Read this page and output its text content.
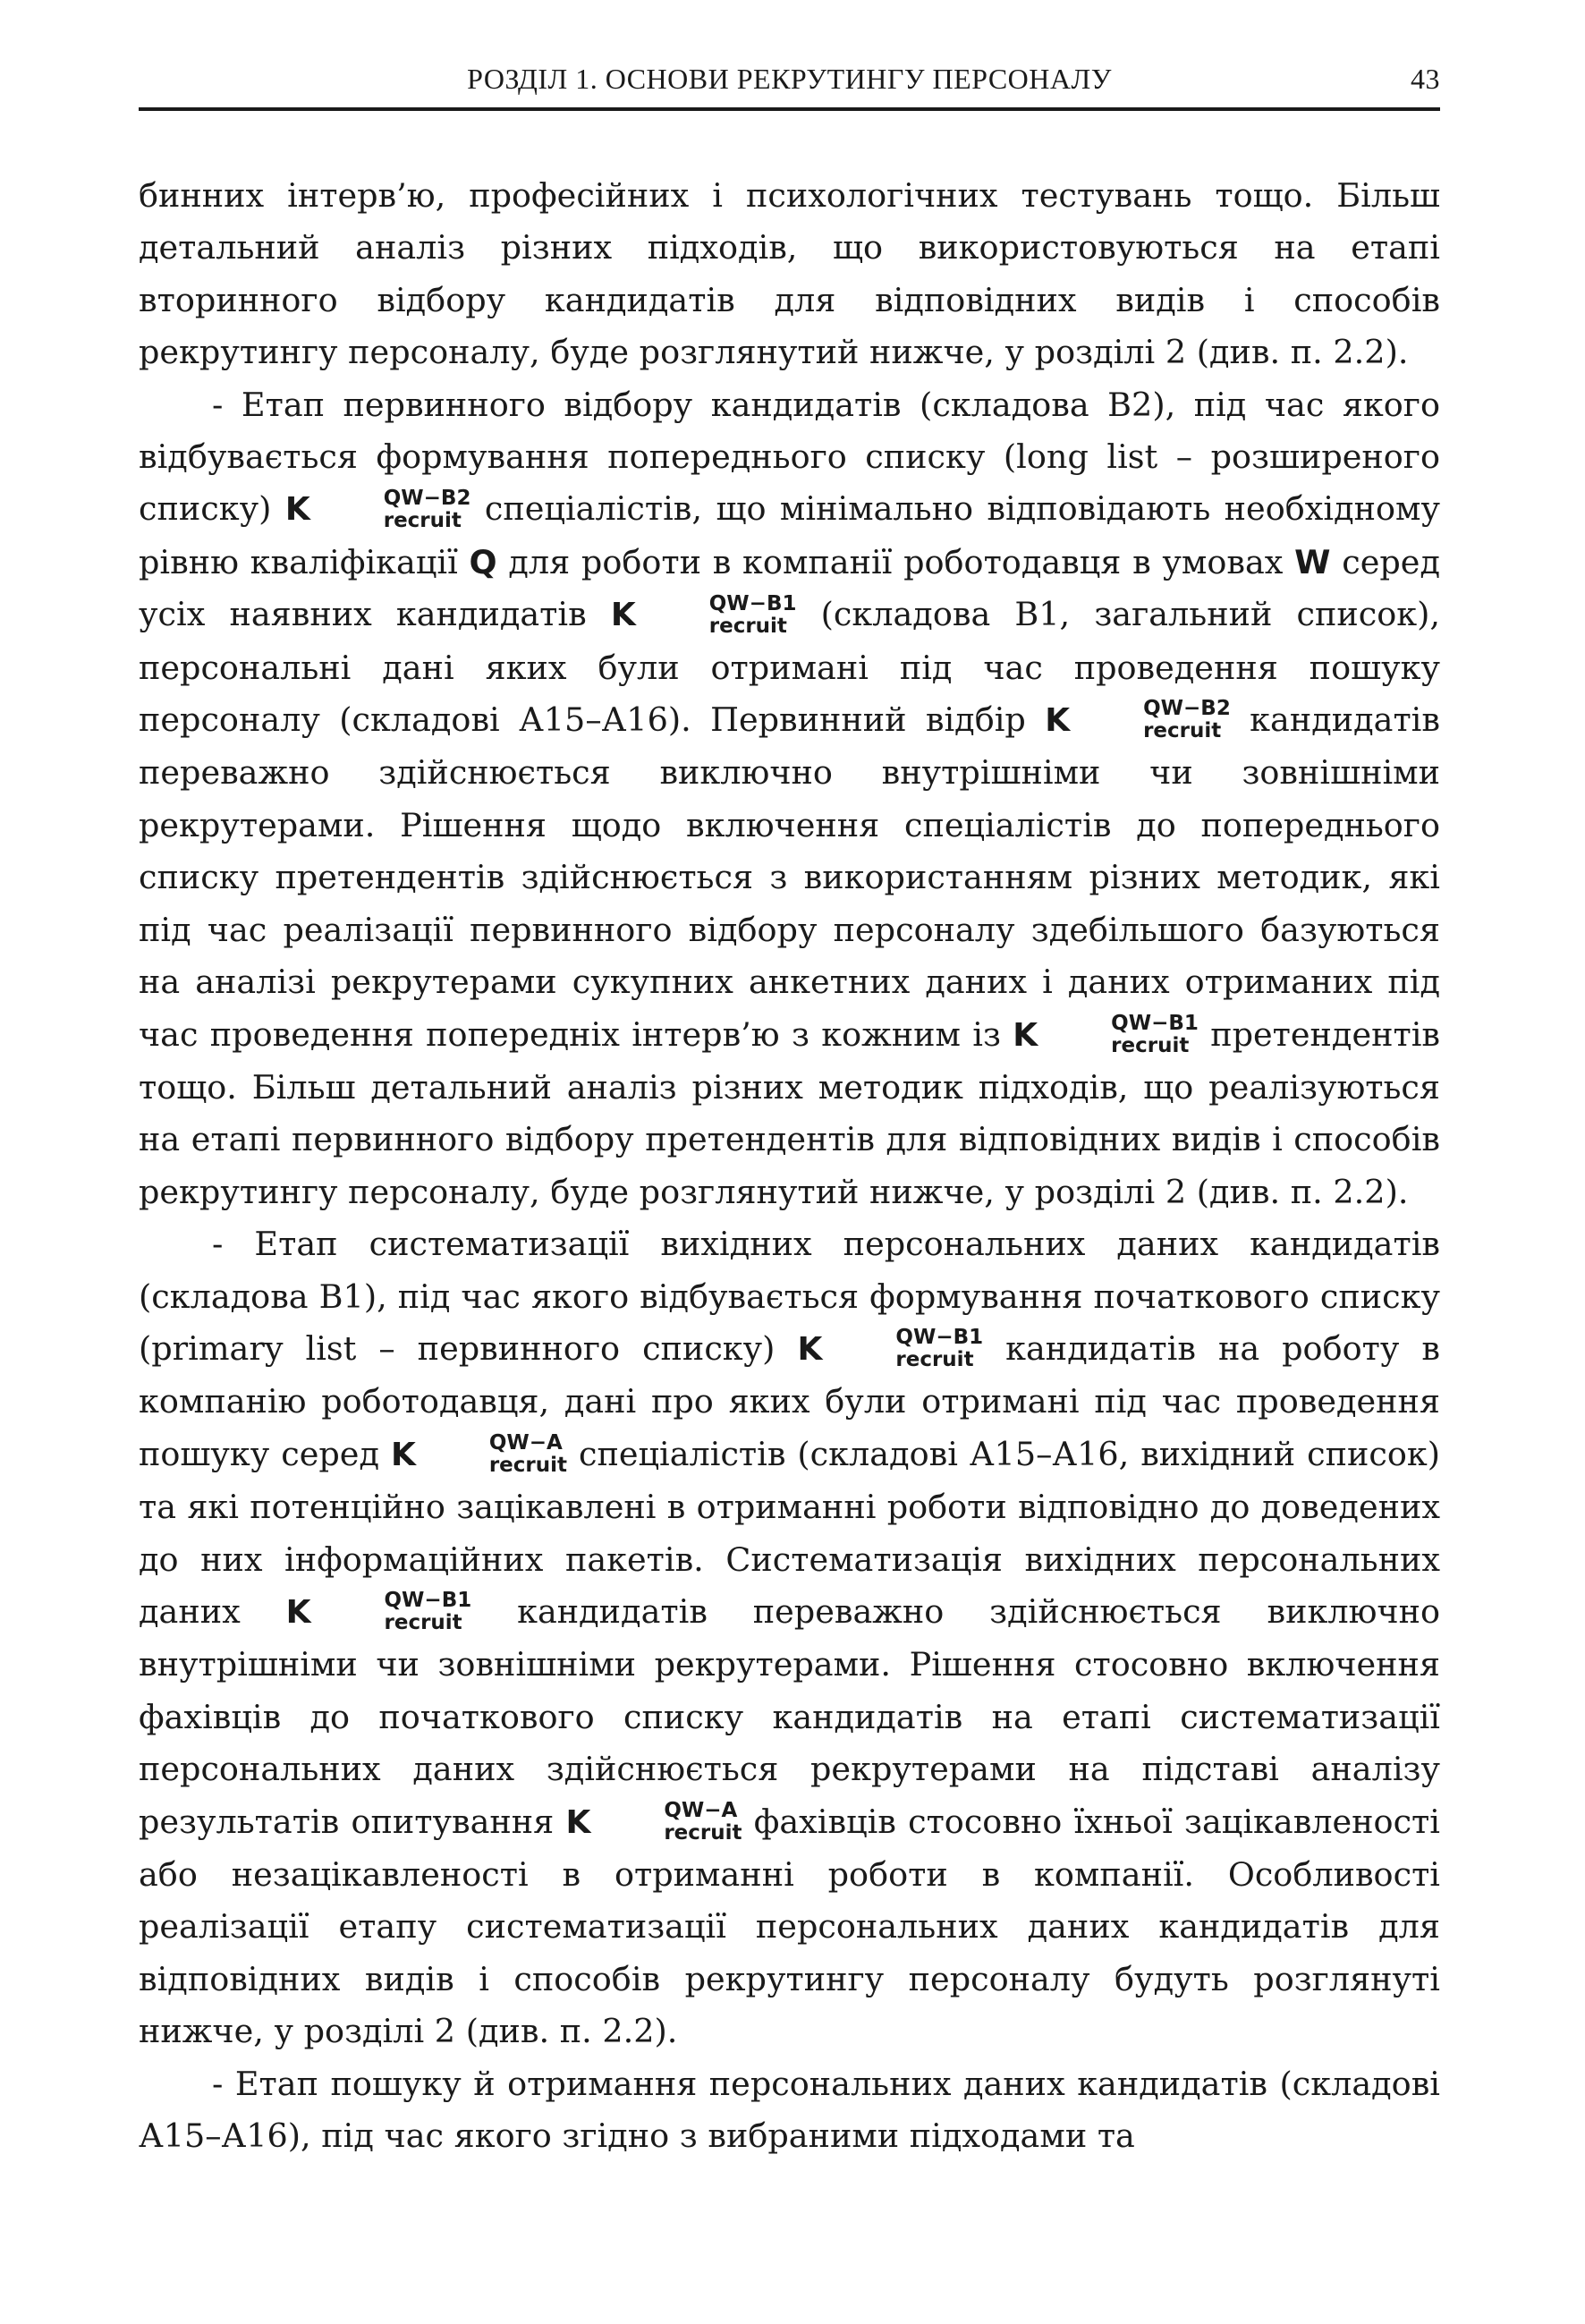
РОЗДІЛ 1. ОСНОВИ РЕКРУТИНГУ ПЕРСОНАЛУ	43

бинних інтерв’ю, професійних і психологічних тестувань тощо. Більш детальний аналіз різних підходів, що використовуються на етапі вторинного відбору кандидатів для відповідних видів і способів рекрутингу персоналу, буде розглянутий нижче, у розділі 2 (див. п. 2.2).

- Етап первинного відбору кандидатів (складова В2), під час якого відбувається формування попереднього списку (long list – розширеного списку) K	QW−B2
recruit спеціалістів, що мінімально відповідають необхідному рівню кваліфікації Q для роботи в компанії роботодавця в умовах W серед усіх наявних кандидатів K	QW−B1
recruit (складова В1, загальний список), персональні дані яких були отримані під час проведення пошуку персоналу (складові А15–А16). Первинний відбір K	QW−B2
recruit кандидатів переважно здійснюється виключно внутрішніми чи зовнішніми рекрутерами. Рішення щодо включення спеціалістів до попереднього списку претендентів здійснюється з використанням різних методик, які під час реалізації первинного відбору персоналу здебільшого базуються на аналізі рекрутерами сукупних анкетних даних і даних отриманих під час проведення попередніх інтерв’ю з кожним із K	QW−B1
recruit претендентів тощо. Більш детальний аналіз різних методик підходів, що реалізуються на етапі первинного відбору претендентів для відповідних видів і способів рекрутингу персоналу, буде розглянутий нижче, у розділі 2 (див. п. 2.2).

- Етап систематизації вихідних персональних даних кандидатів (складова В1), під час якого відбувається формування початкового списку (primary list – первинного списку) K	QW−B1
recruit кандидатів на роботу в компанію роботодавця, дані про яких були отримані під час проведення пошуку серед K	QW−A
recruit спеціалістів (складові А15–А16, вихідний список) та які потенційно зацікавлені в отриманні роботи відповідно до доведених до них інформаційних пакетів. Систематизація вихідних персональних даних K	QW−B1
recruit кандидатів переважно здійснюється виключно внутрішніми чи зовнішніми рекрутерами. Рішення стосовно включення фахівців до початкового списку кандидатів на етапі систематизації персональних даних здійснюється рекрутерами на підставі аналізу результатів опитування K	QW−A
recruit фахівців стосовно їхньої зацікавленості або незацікавленості в отриманні роботи в компанії. Особливості реалізації етапу систематизації персональних даних кандидатів для відповідних видів і способів рекрутингу персоналу будуть розглянуті нижче, у розділі 2 (див. п. 2.2).

- Етап пошуку й отримання персональних даних кандидатів (складові А15–А16), під час якого згідно з вибраними підходами та
